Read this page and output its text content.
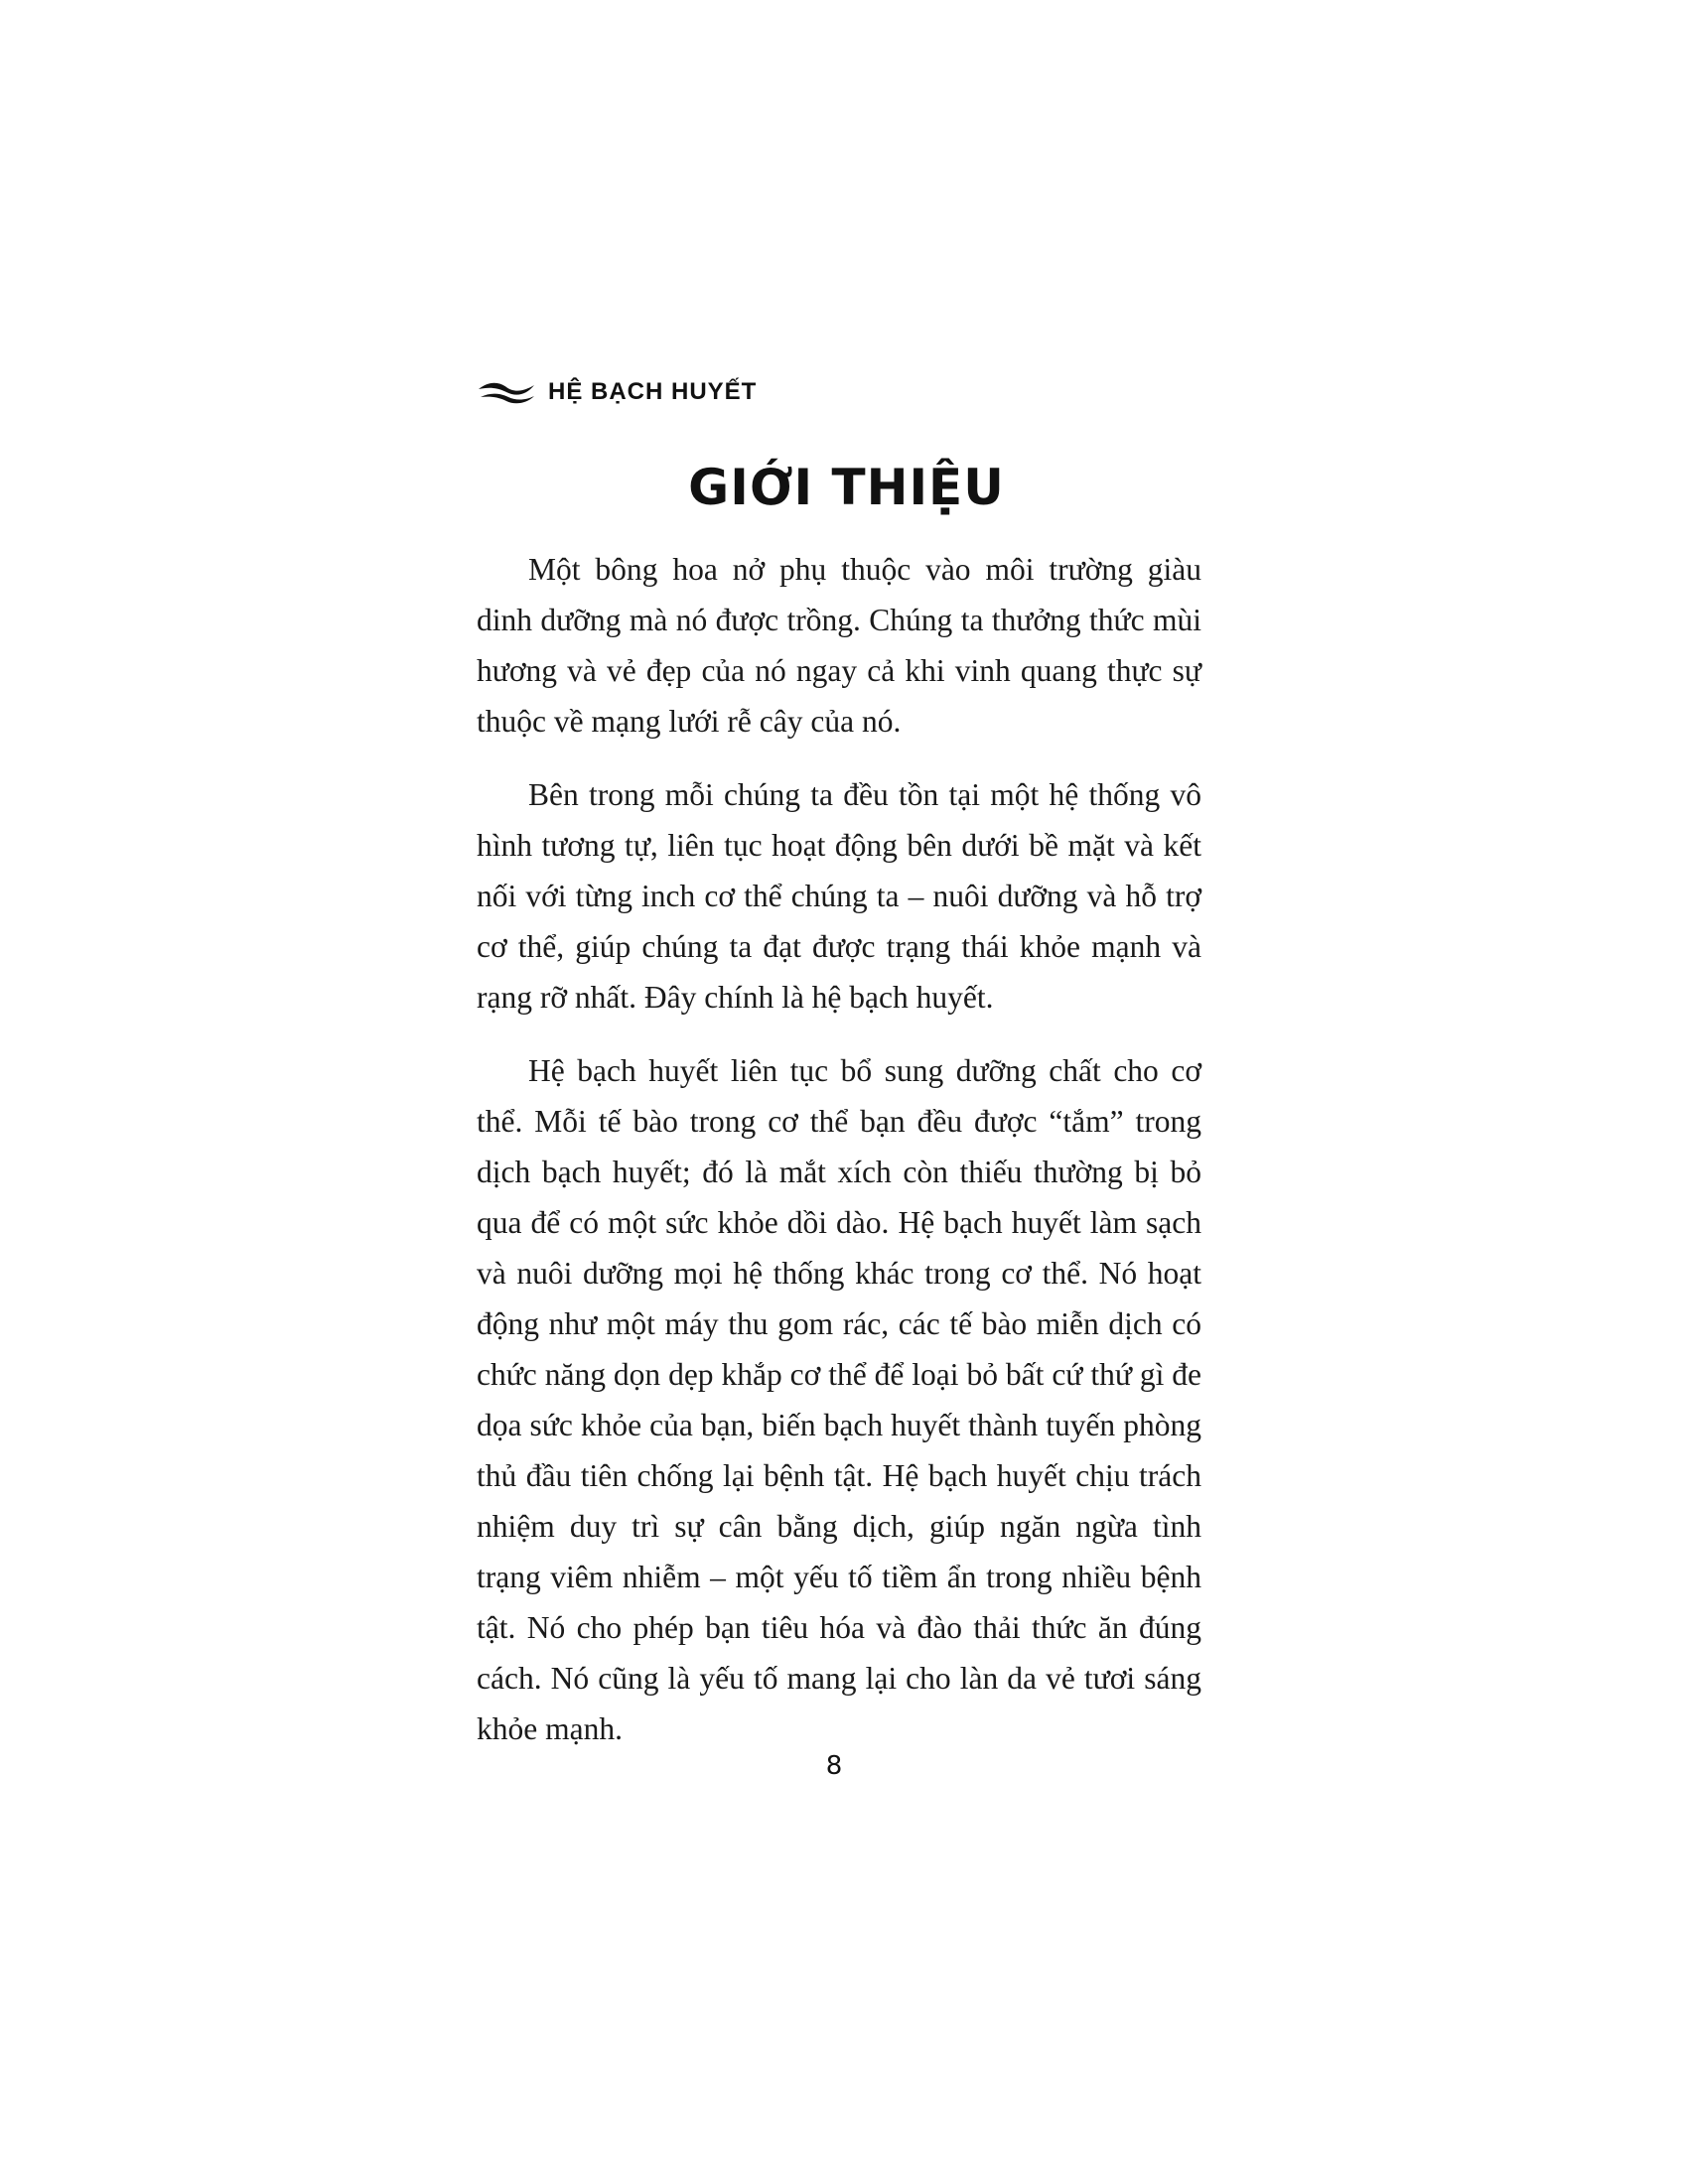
HỆ BẠCH HUYẾT
GIỚI THIỆU

Một bông hoa nở phụ thuộc vào môi trường giàu dinh dưỡng mà nó được trồng. Chúng ta thưởng thức mùi hương và vẻ đẹp của nó ngay cả khi vinh quang thực sự thuộc về mạng lưới rễ cây của nó.

Bên trong mỗi chúng ta đều tồn tại một hệ thống vô hình tương tự, liên tục hoạt động bên dưới bề mặt và kết nối với từng inch cơ thể chúng ta – nuôi dưỡng và hỗ trợ cơ thể, giúp chúng ta đạt được trạng thái khỏe mạnh và rạng rỡ nhất. Đây chính là hệ bạch huyết.

Hệ bạch huyết liên tục bổ sung dưỡng chất cho cơ thể. Mỗi tế bào trong cơ thể bạn đều được “tắm” trong dịch bạch huyết; đó là mắt xích còn thiếu thường bị bỏ qua để có một sức khỏe dồi dào. Hệ bạch huyết làm sạch và nuôi dưỡng mọi hệ thống khác trong cơ thể. Nó hoạt động như một máy thu gom rác, các tế bào miễn dịch có chức năng dọn dẹp khắp cơ thể để loại bỏ bất cứ thứ gì đe dọa sức khỏe của bạn, biến bạch huyết thành tuyến phòng thủ đầu tiên chống lại bệnh tật. Hệ bạch huyết chịu trách nhiệm duy trì sự cân bằng dịch, giúp ngăn ngừa tình trạng viêm nhiễm – một yếu tố tiềm ẩn trong nhiều bệnh tật. Nó cho phép bạn tiêu hóa và đào thải thức ăn đúng cách. Nó cũng là yếu tố mang lại cho làn da vẻ tươi sáng khỏe mạnh.

8
